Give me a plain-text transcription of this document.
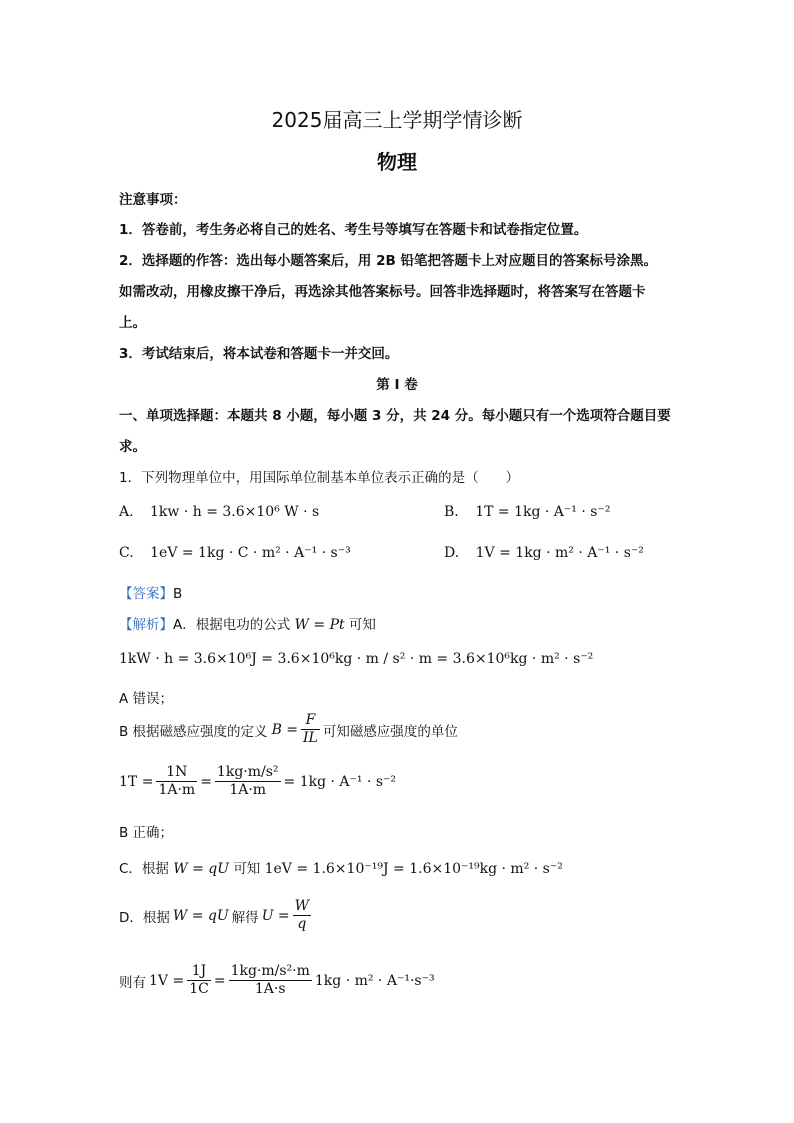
2025届高三上学期学情诊断
物理
注意事项：
1．答卷前，考生务必将自己的姓名、考生号等填写在答题卡和试卷指定位置。
2．选择题的作答：选出每小题答案后，用 2B 铅笔把答题卡上对应题目的答案标号涂黑。
如需改动，用橡皮擦干净后，再选涂其他答案标号。回答非选择题时，将答案写在答题卡
上。
3．考试结束后，将本试卷和答题卡一并交回。
第 I 卷
一、单项选择题：本题共 8 小题，每小题 3 分，共 24 分。每小题只有一个选项符合题目要
求。
1．下列物理单位中，用国际单位制基本单位表示正确的是（　　）
A. 1kw · h = 3.6×10⁶ W · s	B. 1T = 1kg · A⁻¹ · s⁻²
C. 1eV = 1kg · C · m² · A⁻¹ · s⁻³	D. 1V = 1kg · m² · A⁻¹ · s⁻²
【答案】B
【解析】A．根据电功的公式 W = Pt 可知
1kW · h = 3.6×10⁶J = 3.6×10⁶kg · m / s² · m = 3.6×10⁶kg · m² · s⁻²
A 错误；
B 根据磁感应强度的定义 $B = \frac{F}{IL}$ 可知磁感应强度的单位
$1T = \frac{1N}{1A\cdot m} = \frac{\text{1kg·m/s²}}{1A\cdot m} = 1kg \cdot A^{-1} \cdot s^{-2}$
B 正确；
C．根据 W = qU 可知 1eV = 1.6×10⁻¹⁹J = 1.6×10⁻¹⁹kg · m² · s⁻²
D．根据 W = qU 解得 $U = \frac{W}{q}$
则有 $1V = \frac{1J}{1C} = \frac{\text{1kg·m/s²·m}}{1A\cdot s} 1kg \cdot m^2 \cdot A^{-1}\cdot s^{-3}$
